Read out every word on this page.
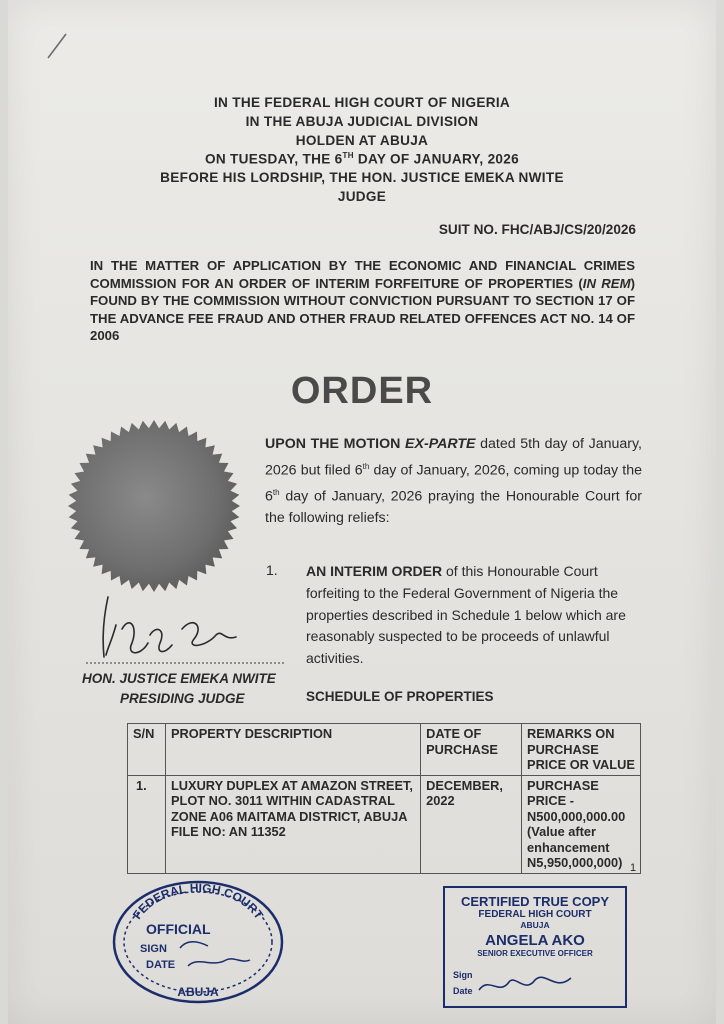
IN THE FEDERAL HIGH COURT OF NIGERIA
IN THE ABUJA JUDICIAL DIVISION
HOLDEN AT ABUJA
ON TUESDAY, THE 6TH DAY OF JANUARY, 2026
BEFORE HIS LORDSHIP, THE HON. JUSTICE EMEKA NWITE
JUDGE
SUIT NO. FHC/ABJ/CS/20/2026
IN THE MATTER OF APPLICATION BY THE ECONOMIC AND FINANCIAL CRIMES COMMISSION FOR AN ORDER OF INTERIM FORFEITURE OF PROPERTIES (IN REM) FOUND BY THE COMMISSION WITHOUT CONVICTION PURSUANT TO SECTION 17 OF THE ADVANCE FEE FRAUD AND OTHER FRAUD RELATED OFFENCES ACT NO. 14 OF 2006
ORDER
HON. JUSTICE EMEKA NWITE
PRESIDING JUDGE
UPON THE MOTION EX-PARTE dated 5th day of January, 2026 but filed 6th day of January, 2026, coming up today the 6th day of January, 2026 praying the Honourable Court for the following reliefs:
1. AN INTERIM ORDER of this Honourable Court forfeiting to the Federal Government of Nigeria the properties described in Schedule 1 below which are reasonably suspected to be proceeds of unlawful activities.
SCHEDULE OF PROPERTIES
S/N	PROPERTY DESCRIPTION	DATE OF PURCHASE	REMARKS ON PURCHASE PRICE OR VALUE
1.	LUXURY DUPLEX AT AMAZON STREET, PLOT NO. 3011 WITHIN CADASTRAL ZONE A06 MAITAMA DISTRICT, ABUJA FILE NO: AN 11352	DECEMBER, 2022	PURCHASE PRICE -
N500,000,000.00
(Value after enhancement N5,950,000,000) 1
FEDERAL HIGH COURT
OFFICIAL
SIGN
DATE
ABUJA
CERTIFIED TRUE COPY
FEDERAL HIGH COURT
ABUJA
ANGELA AKO
SENIOR EXECUTIVE OFFICER
Sign
Date
